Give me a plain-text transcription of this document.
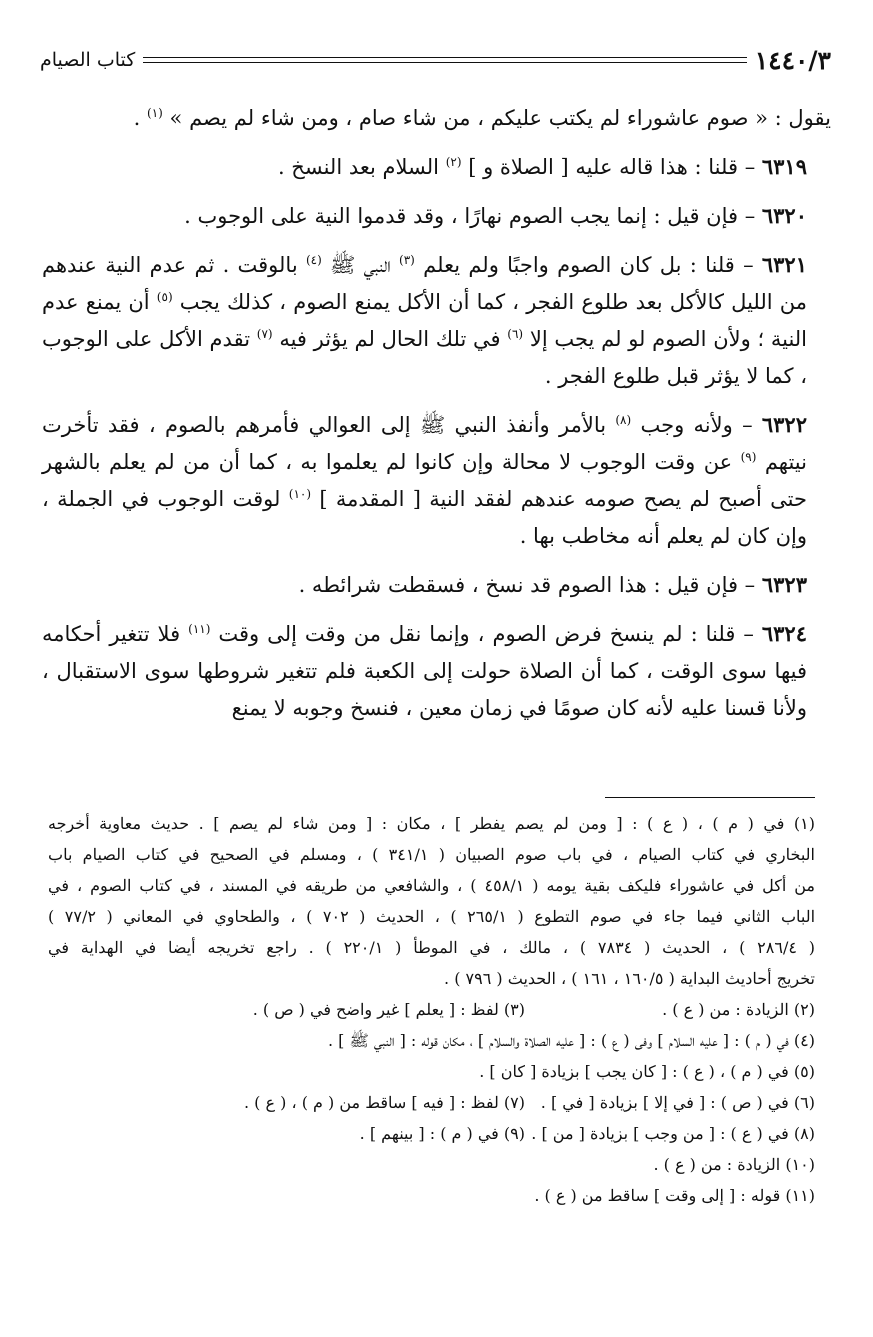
١٤٤٠/٣
كتاب الصيام

يقول : « صوم عاشوراء لم يكتب عليكم ، من شاء صام ، ومن شاء لم يصم » $^{(١)}$ .

٦٣١٩ – قلنا : هذا قاله عليه [ الصلاة و ] $^{(٢)}$ السلام بعد النسخ .

٦٣٢٠ – فإن قيل : إنما يجب الصوم نهارًا ، وقد قدموا النية على الوجوب .

٦٣٢١ – قلنا : بل كان الصوم واجبًا ولم يعلم $^{(٣)}$ النبي ﷺ $^{(٤)}$ بالوقت . ثم عدم النية عندهم من الليل كالأكل بعد طلوع الفجر ، كما أن الأكل يمنع الصوم ، كذلك يجب $^{(٥)}$ أن يمنع عدم النية ؛ ولأن الصوم لو لم يجب إلا $^{(٦)}$ في تلك الحال لم يؤثر فيه $^{(٧)}$ تقدم الأكل على الوجوب ، كما لا يؤثر قبل طلوع الفجر .

٦٣٢٢ – ولأنه وجب $^{(٨)}$ بالأمر وأنفذ النبي ﷺ إلى العوالي فأمرهم بالصوم ، فقد تأخرت نيتهم $^{(٩)}$ عن وقت الوجوب لا محالة وإن كانوا لم يعلموا به ، كما أن من لم يعلم بالشهر حتى أصبح لم يصح صومه عندهم لفقد النية [ المقدمة ] $^{(١٠)}$ لوقت الوجوب في الجملة ، وإن كان لم يعلم أنه مخاطب بها .

٦٣٢٣ – فإن قيل : هذا الصوم قد نسخ ، فسقطت شرائطه .

٦٣٢٤ – قلنا : لم ينسخ فرض الصوم ، وإنما نقل من وقت إلى وقت $^{(١١)}$ فلا تتغير أحكامه فيها سوى الوقت ، كما أن الصلاة حولت إلى الكعبة فلم تتغير شروطها سوى الاستقبال ، ولأنا قسنا عليه لأنه كان صومًا في زمان معين ، فنسخ وجوبه لا يمنع

(١) في ( م ) ، ( ع ) : [ ومن لم يصم يفطر ] ، مكان : [ ومن شاء لم يصم ] . حديث معاوية أخرجه
البخاري في كتاب الصيام ، في باب صوم الصبيان ( ٣٤١/١ ) ، ومسلم في الصحيح في كتاب الصيام باب
من أكل في عاشوراء فليكف بقية يومه ( ٤٥٨/١ ) ، والشافعي من طريقه في المسند ، في كتاب الصوم ، في
الباب الثاني فيما جاء في صوم التطوع ( ٢٦٥/١ ) ، الحديث ( ٧٠٢ ) ، والطحاوي في المعاني ( ٧٧/٢ )
( ٢٨٦/٤ ) ، الحديث ( ٧٨٣٤ ) ، مالك ، في الموطأ ( ٢٢٠/١ ) . راجع تخريجه أيضا في الهداية في
تخريج أحاديث البداية ( ١٦٠/٥ ، ١٦١ ) ، الحديث ( ٧٩٦ ) .
(٢) الزيادة : من ( ع ) .
(٣) لفظ : [ يعلم ] غير واضح في ( ص ) .
(٤) في ( م ) : [ عليه السلام ] وفى ( ع ) : [ عليه الصلاة والسلام ] ، مكان قوله : [ النبي ﷺ ] .
(٥) في ( م ) ، ( ع ) : [ كان يجب ] بزيادة [ كان ] .
(٦) في ( ص ) : [ في إلا ] بزيادة [ في ] .
(٧) لفظ : [ فيه ] ساقط من ( م ) ، ( ع ) .
(٨) في ( ع ) : [ من وجب ] بزيادة [ من ] .
(٩) في ( م ) : [ بينهم ] .
(١٠) الزيادة : من ( ع ) .
(١١) قوله : [ إلى وقت ] ساقط من ( ع ) .
